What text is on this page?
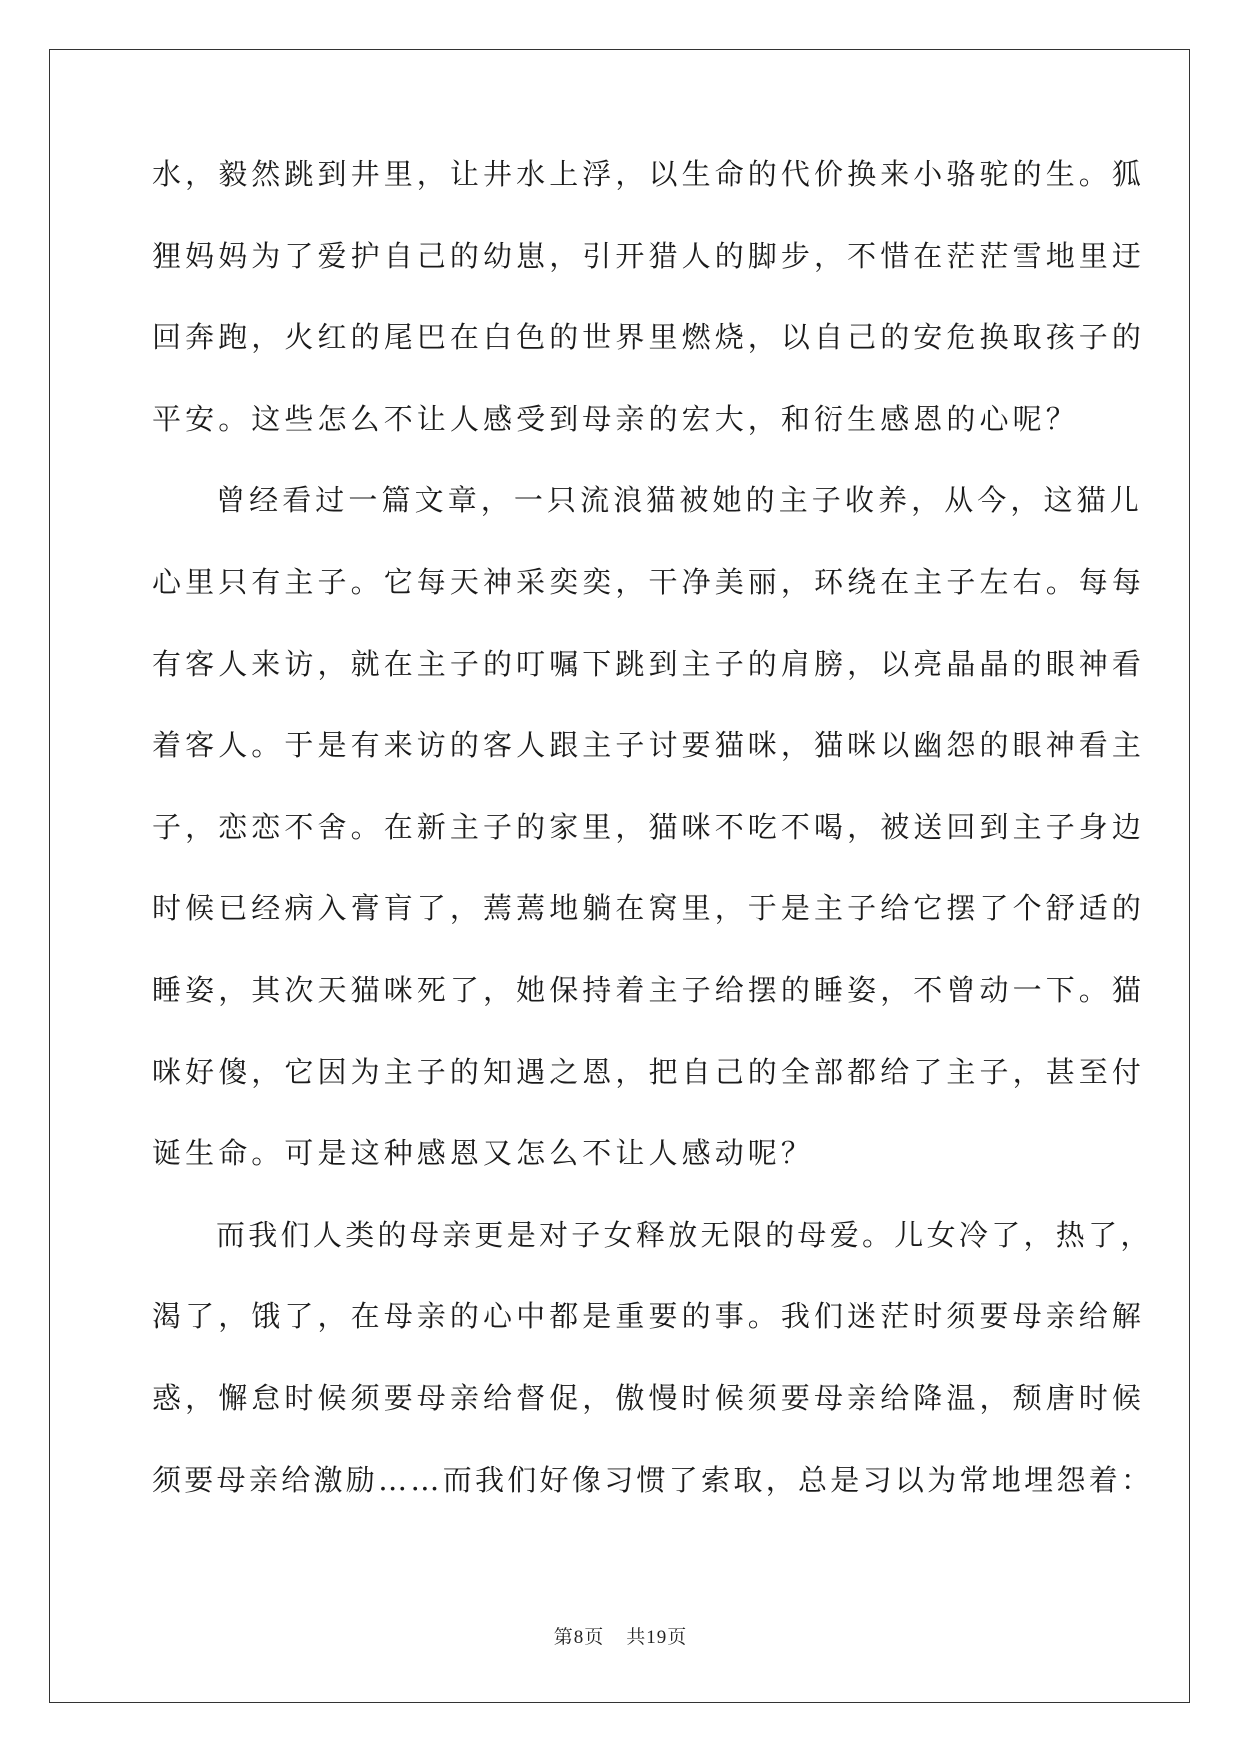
水，毅然跳到井里，让井水上浮，以生命的代价换来小骆驼的生。狐
狸妈妈为了爱护自己的幼崽，引开猎人的脚步，不惜在茫茫雪地里迂
回奔跑，火红的尾巴在白色的世界里燃烧，以自己的安危换取孩子的
平安。这些怎么不让人感受到母亲的宏大，和衍生感恩的心呢？
曾经看过一篇文章，一只流浪猫被她的主子收养，从今，这猫儿
心里只有主子。它每天神采奕奕，干净美丽，环绕在主子左右。每每
有客人来访，就在主子的叮嘱下跳到主子的肩膀，以亮晶晶的眼神看
着客人。于是有来访的客人跟主子讨要猫咪，猫咪以幽怨的眼神看主
子，恋恋不舍。在新主子的家里，猫咪不吃不喝，被送回到主子身边
时候已经病入膏肓了，蔫蔫地躺在窝里，于是主子给它摆了个舒适的
睡姿，其次天猫咪死了，她保持着主子给摆的睡姿，不曾动一下。猫
咪好傻，它因为主子的知遇之恩，把自己的全部都给了主子，甚至付
诞生命。可是这种感恩又怎么不让人感动呢？
而我们人类的母亲更是对子女释放无限的母爱。儿女冷了，热了，
渴了，饿了，在母亲的心中都是重要的事。我们迷茫时须要母亲给解
惑，懈怠时候须要母亲给督促，傲慢时候须要母亲给降温，颓唐时候
须要母亲给激励……而我们好像习惯了索取，总是习以为常地埋怨着：
第8页 共19页
